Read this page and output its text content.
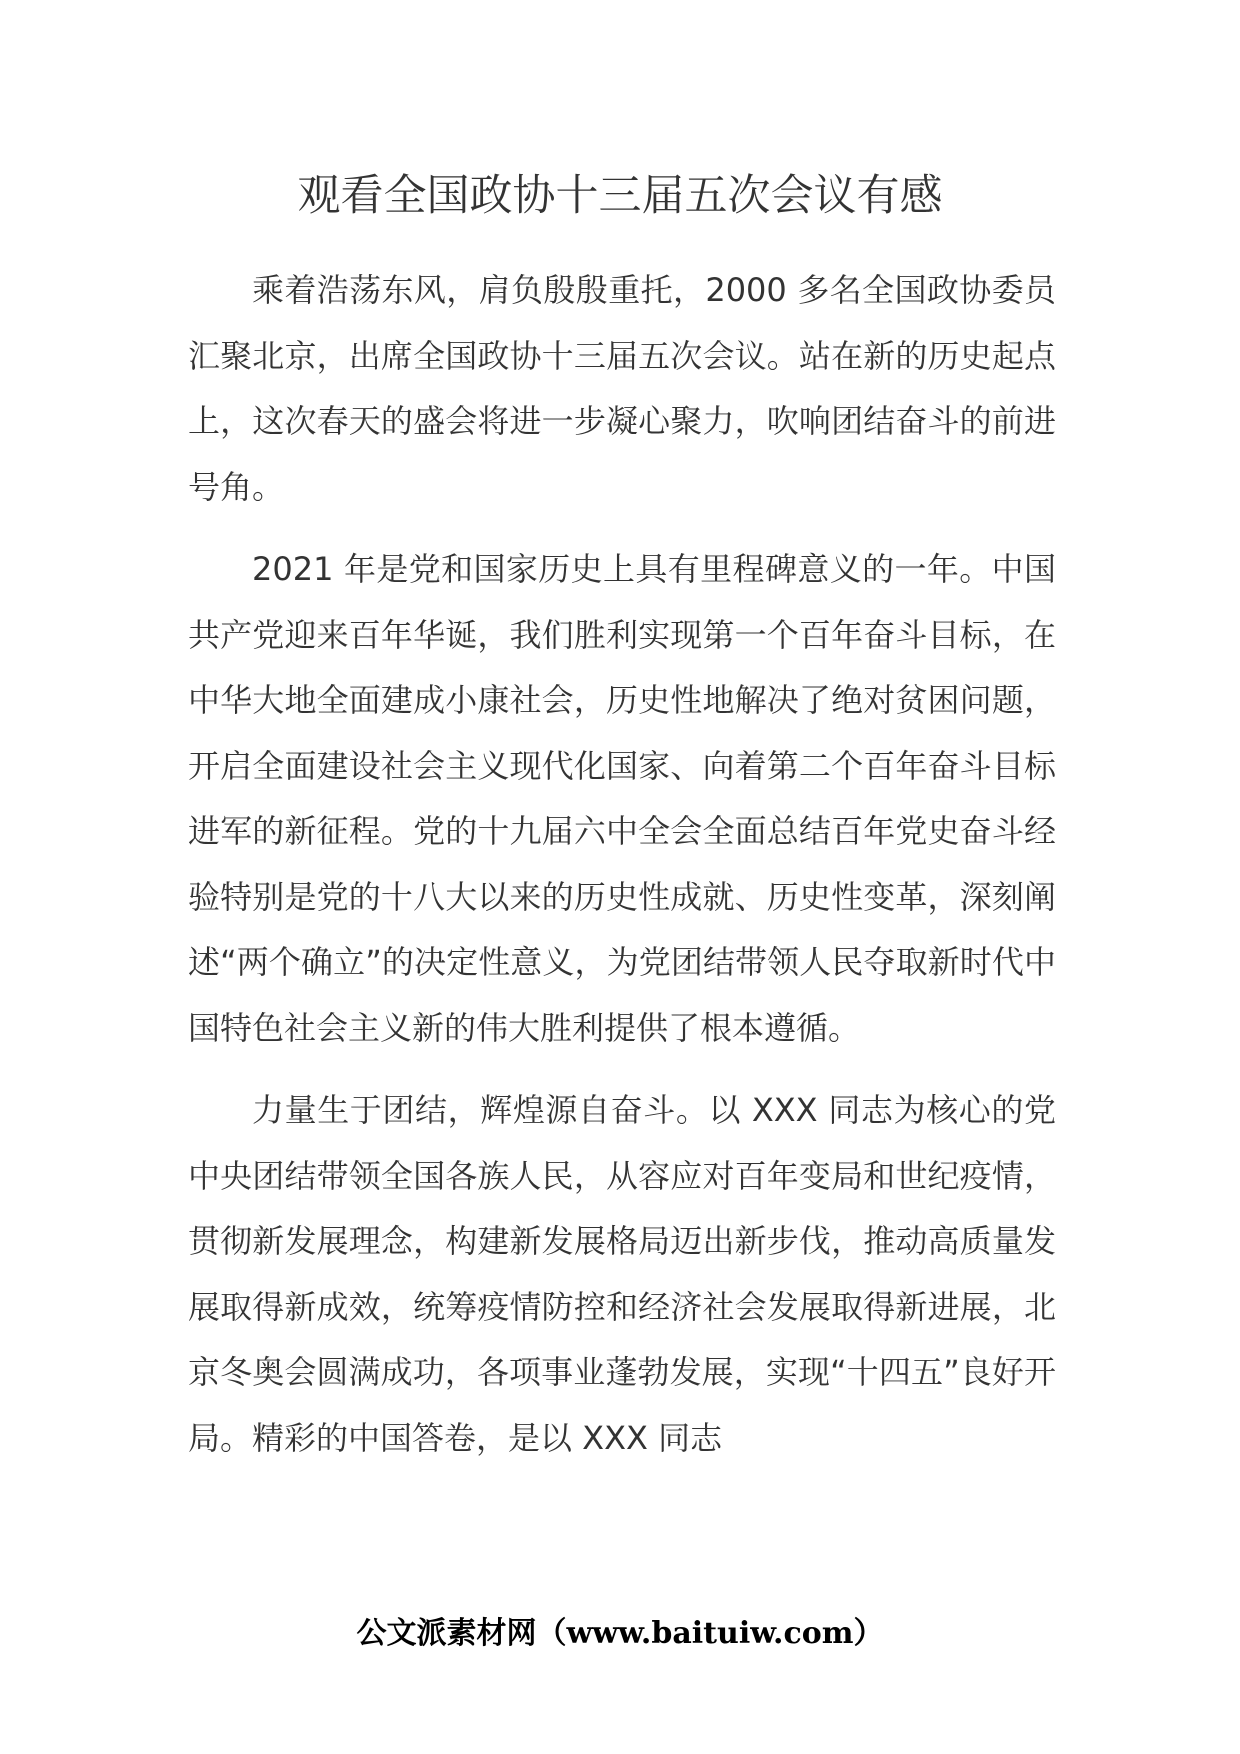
观看全国政协十三届五次会议有感

乘着浩荡东风，肩负殷殷重托，2000 多名全国政协委员汇聚北京，出席全国政协十三届五次会议。站在新的历史起点上，这次春天的盛会将进一步凝心聚力，吹响团结奋斗的前进号角。

2021 年是党和国家历史上具有里程碑意义的一年。中国共产党迎来百年华诞，我们胜利实现第一个百年奋斗目标，在中华大地全面建成小康社会，历史性地解决了绝对贫困问题，开启全面建设社会主义现代化国家、向着第二个百年奋斗目标进军的新征程。党的十九届六中全会全面总结百年党史奋斗经验特别是党的十八大以来的历史性成就、历史性变革，深刻阐述“两个确立”的决定性意义，为党团结带领人民夺取新时代中国特色社会主义新的伟大胜利提供了根本遵循。

力量生于团结，辉煌源自奋斗。以 XXX 同志为核心的党中央团结带领全国各族人民，从容应对百年变局和世纪疫情，贯彻新发展理念，构建新发展格局迈出新步伐，推动高质量发展取得新成效，统筹疫情防控和经济社会发展取得新进展，北京冬奥会圆满成功，各项事业蓬勃发展，实现“十四五”良好开局。精彩的中国答卷，是以 XXX 同志

公文派素材网（www.baituiw.com）
